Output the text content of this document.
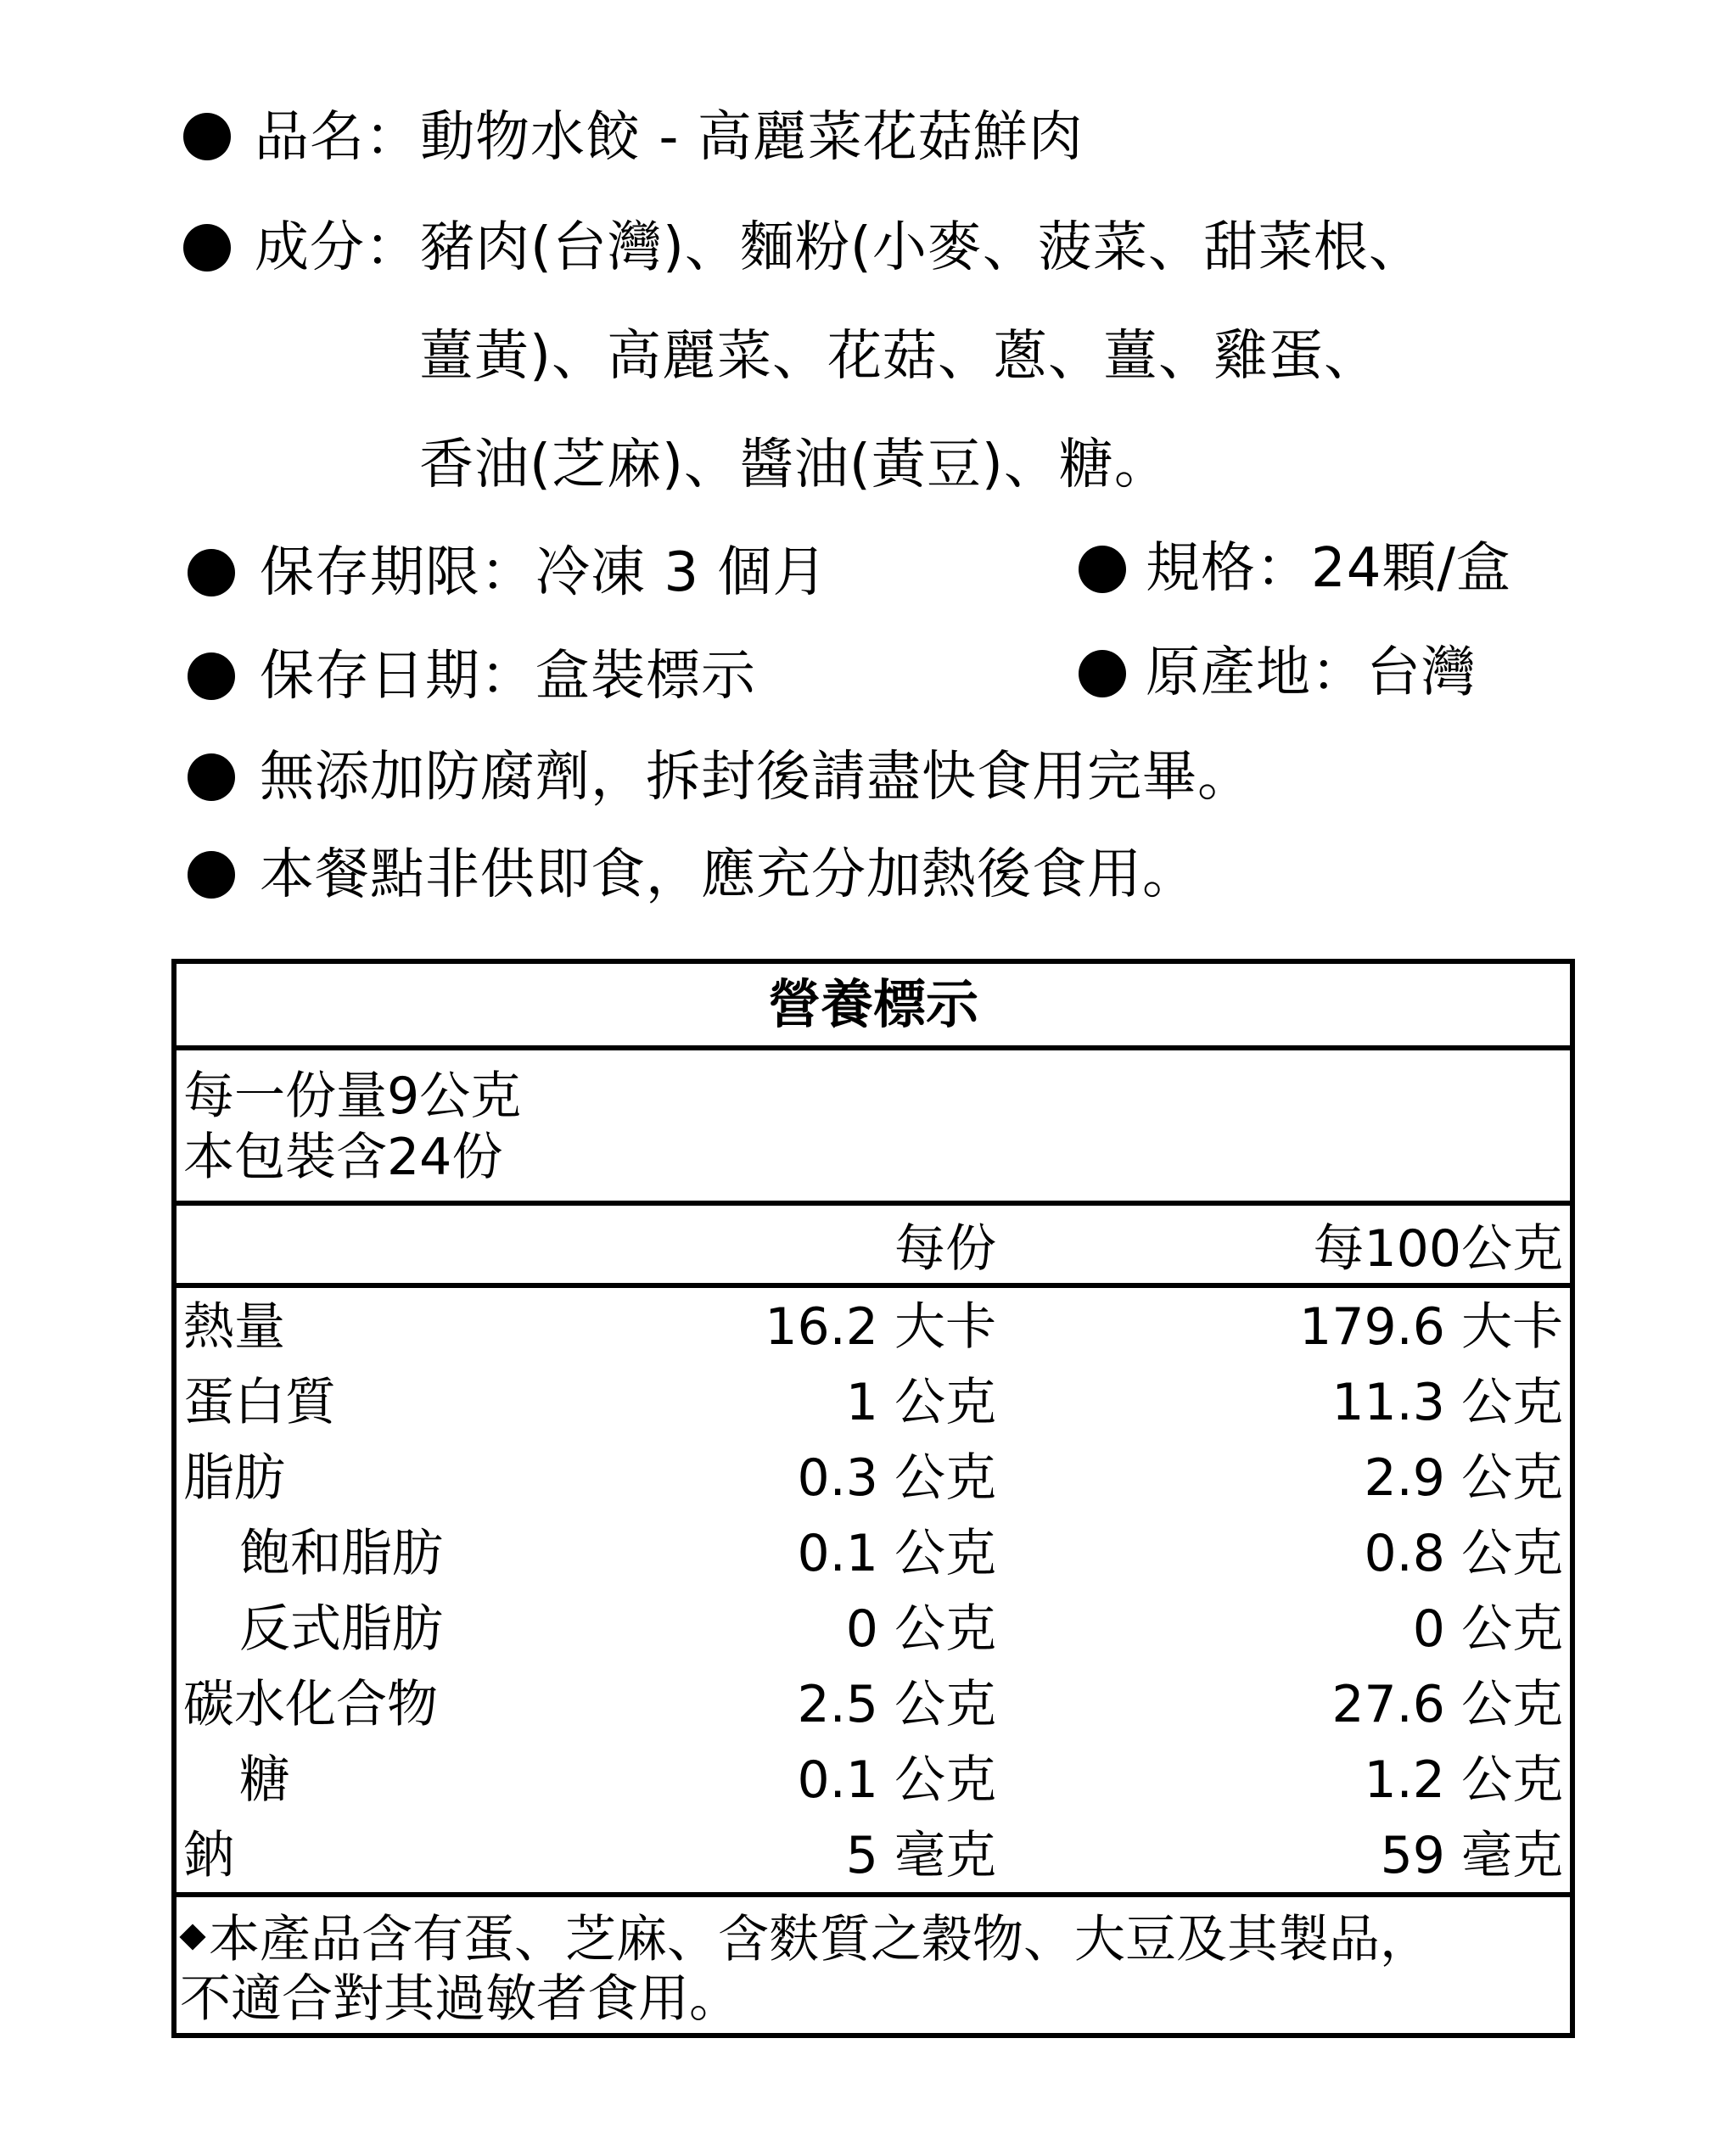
品名：動物水餃 - 高麗菜花菇鮮肉
成分：豬肉(台灣)、麵粉(小麥、菠菜、甜菜根、
薑黃)、高麗菜、花菇、蔥、薑、雞蛋、
香油(芝麻)、醬油(黃豆)、糖。
保存期限：冷凍 3 個月	規格：24顆/盒
保存日期：盒裝標示	原產地：台灣
無添加防腐劑，拆封後請盡快食用完畢。
本餐點非供即食，應充分加熱後食用。
營養標示
每一份量9公克
本包裝含24份
每份	每100公克
熱量	16.2 大卡	179.6 大卡
蛋白質	1 公克	11.3 公克
脂肪	0.3 公克	2.9 公克
飽和脂肪	0.1 公克	0.8 公克
反式脂肪	0 公克	0 公克
碳水化合物	2.5 公克	27.6 公克
糖	0.1 公克	1.2 公克
鈉	5 毫克	59 毫克
本產品含有蛋、芝麻、含麩質之穀物、大豆及其製品，
不適合對其過敏者食用。
